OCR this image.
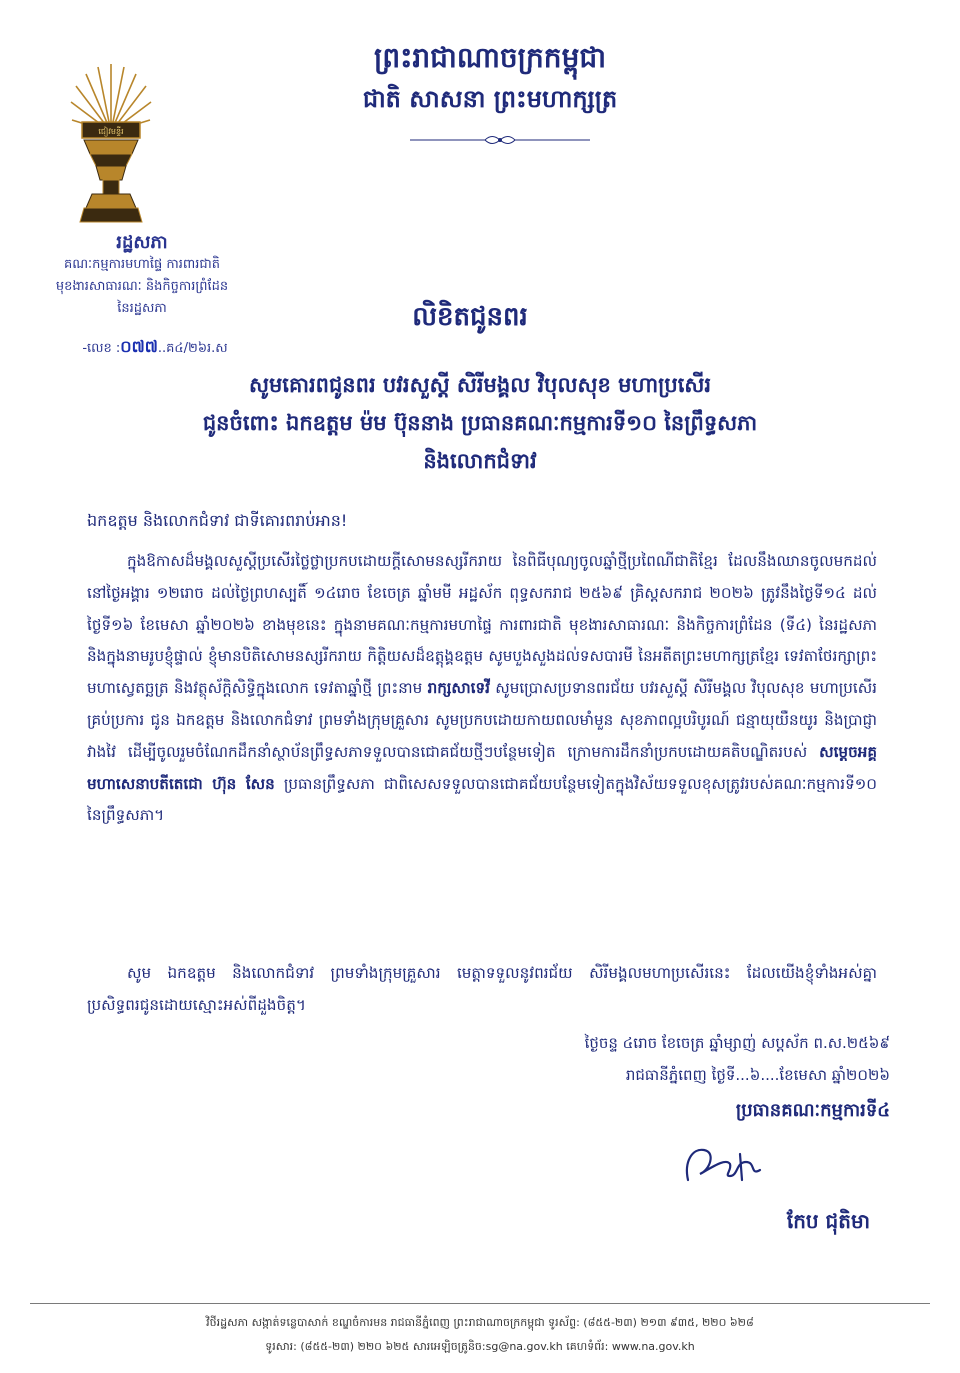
ព្រះរាជាណាចក្រកម្ពុជា
ជាតិ សាសនា ព្រះមហាក្សត្រ
ជៀវមន្ទីរ
រដ្ឋសភា
គណៈកម្មការមហាផ្ទៃ ការពារជាតិ
មុខងារសាធារណៈ និងកិច្ចការព្រំដែន
នៃរដ្ឋសភា
-លេខ :០៧៧..គ៤/២៦រ.ស
លិខិតជូនពរ
សូមគោរពជូនពរ បវរសួស្តី សិរីមង្គល វិបុលសុខ មហាប្រសើរ
ជូនចំពោះ ឯកឧត្តម ម៉ម ប៊ុននាង ប្រធានគណៈកម្មការទី១០ នៃព្រឹទ្ធសភា
និងលោកជំទាវ
ឯកឧត្តម និងលោកជំទាវ ជាទីគោរពរាប់អាន!
ក្នុងឱកាសដ៏មង្គលសួស្តីប្រសើរថ្លៃថ្លាប្រកបដោយក្តីសោមនស្សរីករាយ នៃពិធីបុណ្យចូលឆ្នាំថ្មីប្រពៃណីជាតិខ្មែរ ដែលនឹងឈានចូលមកដល់នៅថ្ងៃអង្គារ ១២រោច ដល់ថ្ងៃព្រហស្បតិ៍ ១៤រោច ខែចេត្រ ឆ្នាំមមី អដ្ឋស័ក ពុទ្ធសករាជ ២៥៦៩ គ្រិស្តសករាជ ២០២៦ ត្រូវនឹងថ្ងៃទី១៤ ដល់ថ្ងៃទី១៦ ខែមេសា ឆ្នាំ២០២៦ ខាងមុខនេះ ក្នុងនាមគណៈកម្មការមហាផ្ទៃ ការពារជាតិ មុខងារសាធារណៈ និងកិច្ចការព្រំដែន (ទី៤) នៃរដ្ឋសភា និងក្នុងនាមរូបខ្ញុំផ្ទាល់ ខ្ញុំមានបិតិសោមនស្សរីករាយ កិត្តិយសដ៏ឧត្តុង្គឧត្តម សូមបួងសួងដល់ទសបារមី នៃអតីតព្រះមហាក្សត្រខ្មែរ ទេវតាថែរក្សាព្រះមហាស្វេតច្ឆត្រ និងវត្ថុស័ក្តិសិទ្ធិក្នុងលោក ទេវតាឆ្នាំថ្មី ព្រះនាម រាក្សសាទេវី សូមប្រោសប្រទានពរជ័យ បវរសួស្តី សិរីមង្គល វិបុលសុខ មហាប្រសើរគ្រប់ប្រការ ជូន ឯកឧត្តម និងលោកជំទាវ ព្រមទាំងក្រុមគ្រួសារ សូមប្រកបដោយកាយពលមាំមួន សុខភាពល្អបរិបូរណ៍ ជន្មាយុយឺនយូរ និងប្រាជ្ញាវាងវៃ ដើម្បីចូលរួមចំណែកដឹកនាំស្ថាប័នព្រឹទ្ធសភាទទួលបានជោគជ័យថ្មីៗបន្ថែមទៀត ក្រោមការដឹកនាំប្រកបដោយគតិបណ្ឌិតរបស់ សម្តេចអគ្គមហាសេនាបតីតេជោ ហ៊ុន សែន ប្រធានព្រឹទ្ធសភា ជាពិសេសទទួលបានជោគជ័យបន្ថែមទៀតក្នុងវិស័យទទួលខុសត្រូវរបស់គណៈកម្មការទី១០ នៃព្រឹទ្ធសភា។
សូម ឯកឧត្តម និងលោកជំទាវ ព្រមទាំងក្រុមគ្រួសារ មេត្តាទទួលនូវពរជ័យ សិរីមង្គលមហាប្រសើរនេះ ដែលយើងខ្ញុំទាំងអស់គ្នា ប្រសិទ្ធពរជូនដោយស្មោះអស់ពីដួងចិត្ត។
ថ្ងៃចន្ទ ៤រោច ខែចេត្រ ឆ្នាំម្សាញ់ សប្តស័ក ព.ស.២៥៦៩
រាជធានីភ្នំពេញ ថ្ងៃទី...៦....ខែមេសា ឆ្នាំ២០២៦
ប្រធានគណៈកម្មការទី៤
កែប ជុតិមា
វិថីរដ្ឋសភា សង្កាត់ទន្លេបាសាក់ ខណ្ឌចំការមន រាជធានីភ្នំពេញ ព្រះរាជាណាចក្រកម្ពុជា ទូរស័ព្ទ: (៨៥៥-២៣) ២១៣ ៩៣៥, ២២០ ៦២៨
ទូរសារ: (៨៥៥-២៣) ២២០ ៦២៥ សារអេឡិចត្រូនិច:sg@na.gov.kh គេហទំព័រ: www.na.gov.kh
